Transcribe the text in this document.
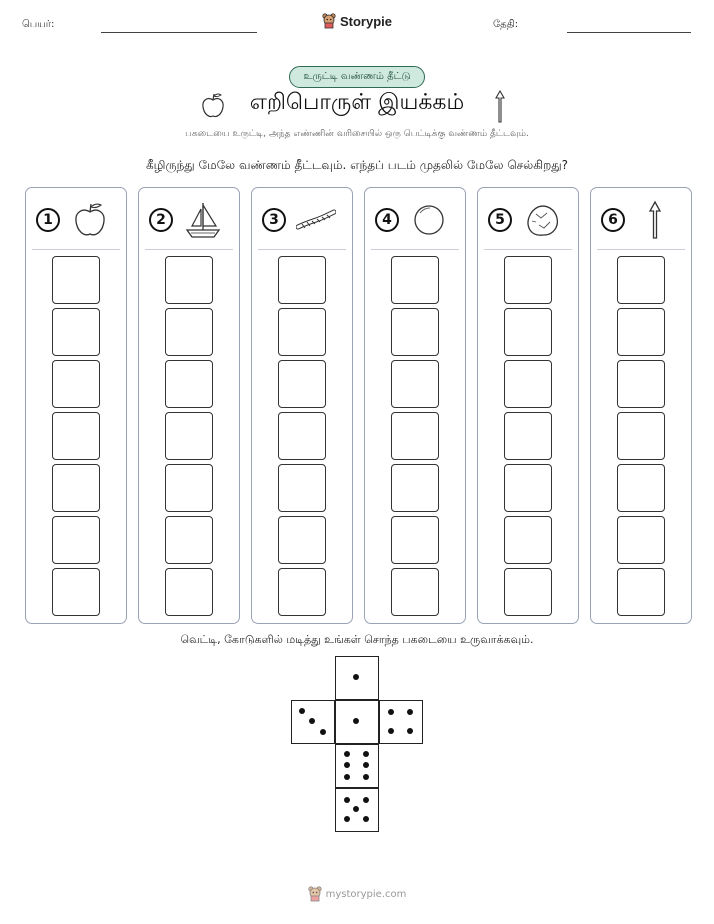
பெயர்:	Storypie	தேதி:
உருட்டி வண்ணம் தீட்டு
எறிபொருள் இயக்கம்
பகடையை உருட்டி, அந்த எண்ணின் வரிசையில் ஒரு பெட்டிக்கு வண்ணம் தீட்டவும்.
கீழிருந்து மேலே வண்ணம் தீட்டவும். எந்தப் படம் முதலில் மேலே செல்கிறது?
1	2	3	4	5	6
வெட்டி, கோடுகளில் மடித்து உங்கள் சொந்த பகடையை உருவாக்கவும்.
mystorypie.com
